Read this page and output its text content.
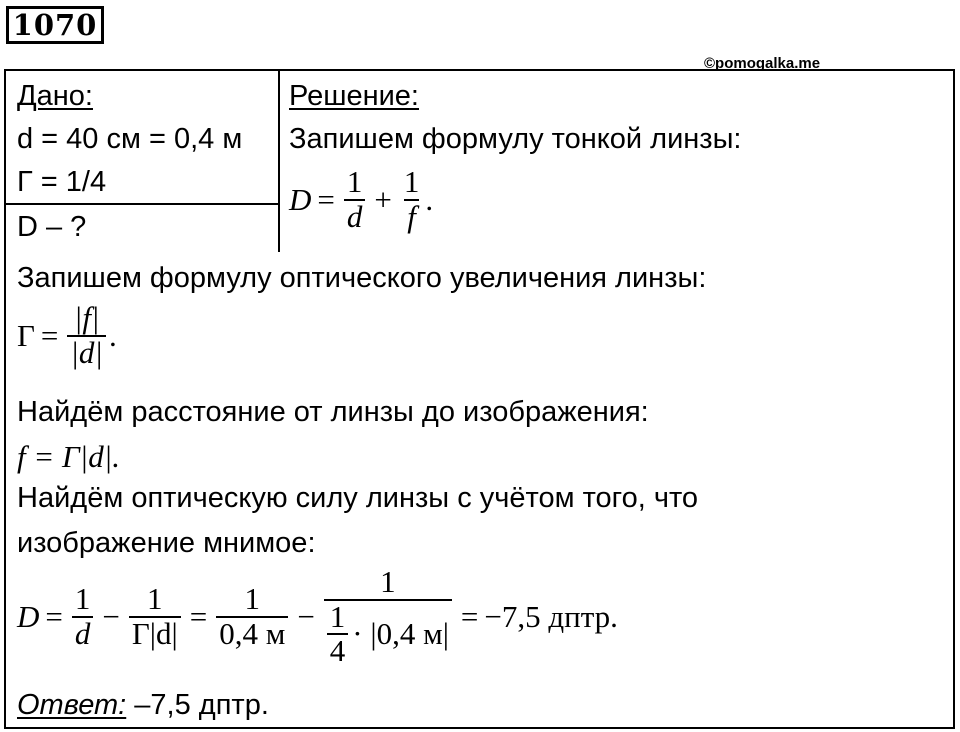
1070
©pomogalka.me
Дано:
d = 40 см = 0,4 м
Г = 1/4
D – ?
Решение:
Запишем формулу тонкой линзы:
$D = \frac{1}{d} + \frac{1}{f}$ .
Запишем формулу оптического увеличения линзы:
$Г = \frac{|f|}{|d|}$ .
Найдём расстояние от линзы до изображения:
f = Г|d|.
Найдём оптическую силу линзы с учётом того, что
изображение мнимое:
$D = \frac{1}{d} - \frac{1}{Г|d|} = \frac{1}{0,4 м} - \frac{1}{\frac{1}{4} \cdot |0,4 м|} = -7,5$ дптр.
Ответ: –7,5 дптр.
